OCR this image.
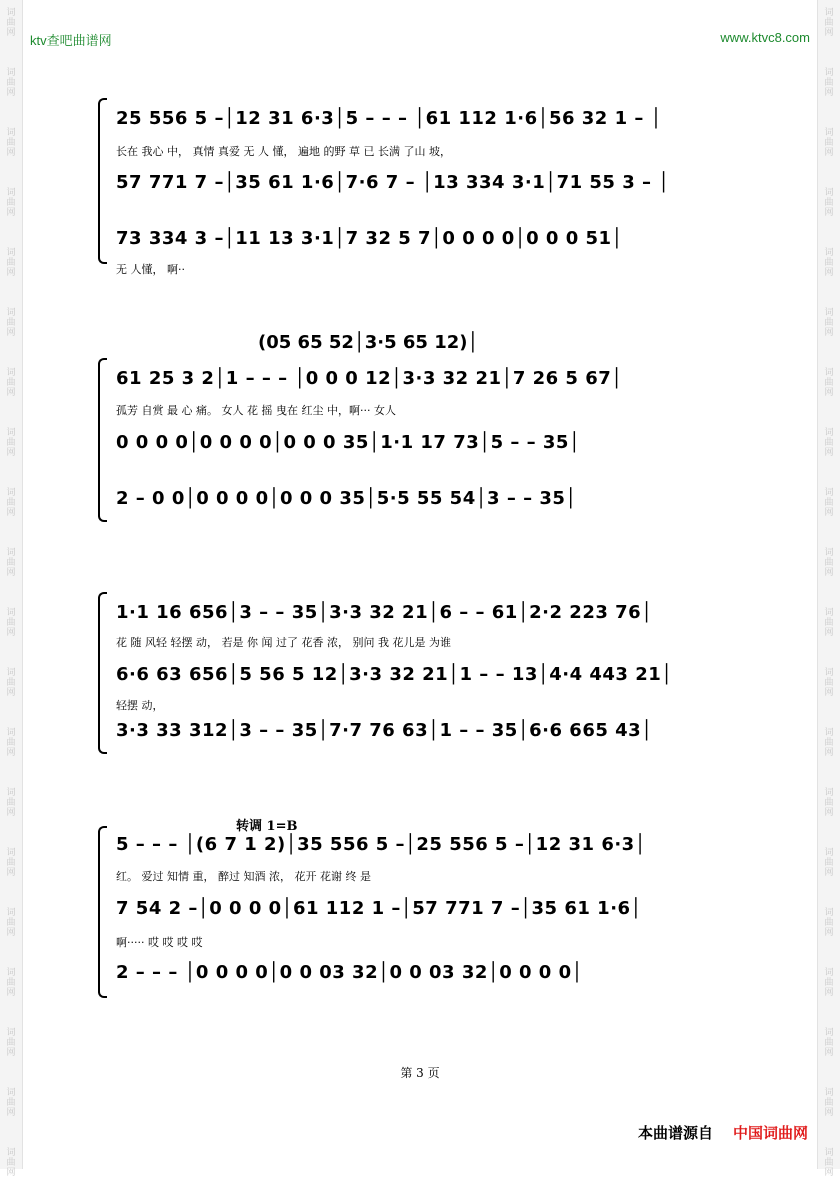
词
曲
网
词
曲
网
词
曲
网
词
曲
网
词
曲
网
词
曲
网
词
曲
网
词
曲
网
词
曲
网
词
曲
网
词
曲
网
词
曲
网
词
曲
网
词
曲
网
词
曲
网
词
曲
网
词
曲
网
词
曲
网
词
曲
网
词
曲
网
词
曲
网
词
曲
网
词
曲
网
词
曲
网
词
曲
网
词
曲
网
词
曲
网
词
曲
网
词
曲
网
词
曲
网
词
曲
网
词
曲
网
词
曲
网
词
曲
网
词
曲
网
词
曲
网
词
曲
网
词
曲
网
词
曲
网
词
曲
网
ktv查吧曲谱网	www.ktvc8.com
25 556 5 –│12 31 6·3│5 – – – │61 112 1·6│56 32 1 – │
长在 我心 中， 真情 真爱 无 人 懂， 遍地 的野 草 已 长满 了山 坡，
57 771 7 –│35 61 1·6│7·6 7 – │13 334 3·1│71 55 3 – │
73 334 3 –│11 13 3·1│7 32 5 7│0 0 0 0│0 0 0 51│
无 人懂， 啊··
(05 65 52│3·5 65 12)│
61 25 3 2│1 – – – │0 0 0 12│3·3 32 21│7 26 5 67│
孤芳 自赏 最 心 痛。 女人 花 摇 曳在 红尘 中，啊··· 女人
0 0 0 0│0 0 0 0│0 0 0 35│1·1 17 73│5 – – 35│
2 – 0 0│0 0 0 0│0 0 0 35│5·5 55 54│3 – – 35│
1·1 16 656│3 – – 35│3·3 32 21│6 – – 61│2·2 223 76│
花 随 风轻 轻摆 动， 若是 你 闻 过了 花香 浓， 别问 我 花儿是 为谁
6·6 63 656│5 56 5 12│3·3 32 21│1 – – 13│4·4 443 21│
轻摆 动，
3·3 33 312│3 – – 35│7·7 76 63│1 – – 35│6·6 665 43│
转调 1=B
5 – – – │(6 7 1 2)│35 556 5 –│25 556 5 –│12 31 6·3│
红。 爱过 知情 重， 醉过 知酒 浓， 花开 花谢 终 是
7 54 2 –│0 0 0 0│61 112 1 –│57 771 7 –│35 61 1·6│
啊····· 哎 哎 哎 哎
2 – – – │0 0 0 0│0 0 03 32│0 0 03 32│0 0 0 0│
第 3 页
本曲谱源自 中国词曲网
